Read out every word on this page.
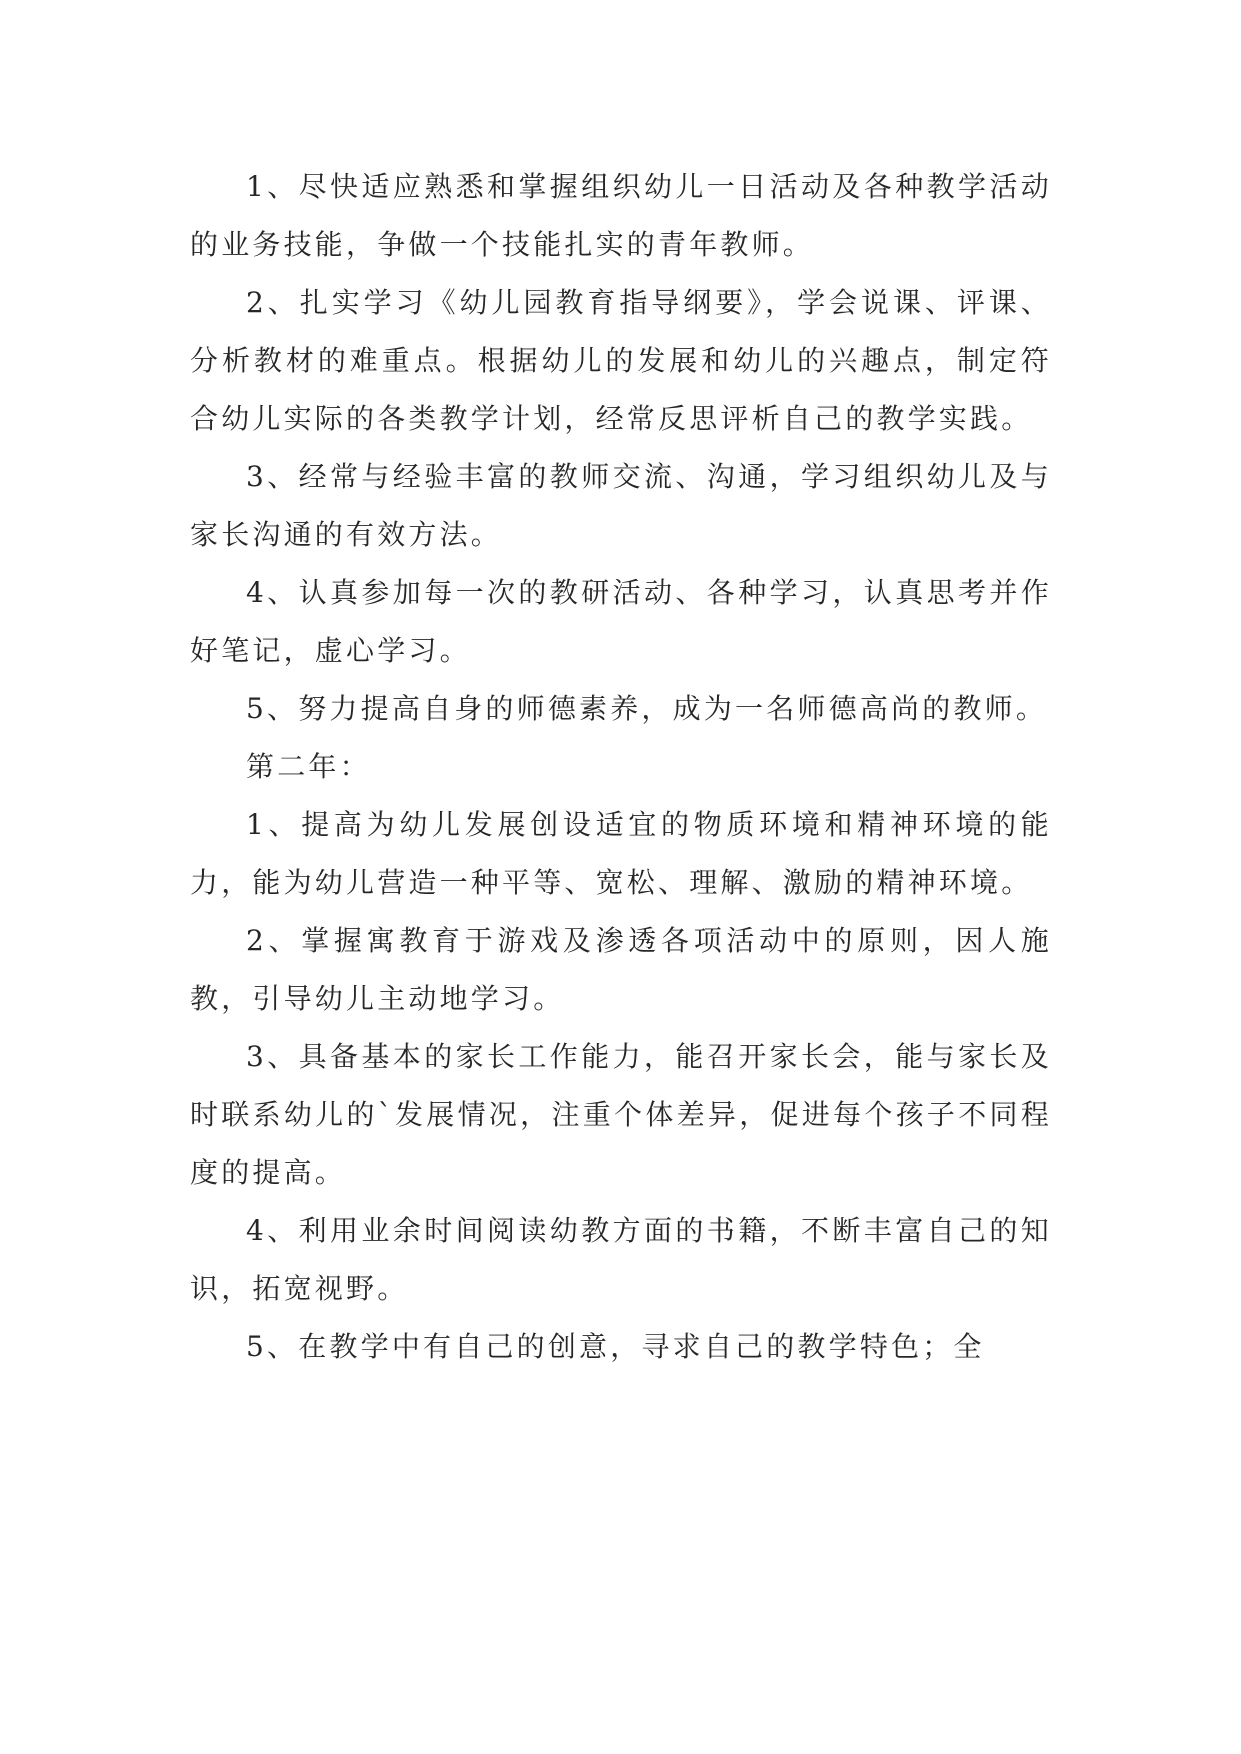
1、尽快适应熟悉和掌握组织幼儿一日活动及各种教学活动的业务技能，争做一个技能扎实的青年教师。

2、扎实学习《幼儿园教育指导纲要》，学会说课、评课、分析教材的难重点。根据幼儿的发展和幼儿的兴趣点，制定符合幼儿实际的各类教学计划，经常反思评析自己的教学实践。

3、经常与经验丰富的教师交流、沟通，学习组织幼儿及与家长沟通的有效方法。

4、认真参加每一次的教研活动、各种学习，认真思考并作好笔记，虚心学习。

5、努力提高自身的师德素养，成为一名师德高尚的教师。

第二年：

1、提高为幼儿发展创设适宜的物质环境和精神环境的能力，能为幼儿营造一种平等、宽松、理解、激励的精神环境。

2、掌握寓教育于游戏及渗透各项活动中的原则，因人施教，引导幼儿主动地学习。

3、具备基本的家长工作能力，能召开家长会，能与家长及时联系幼儿的`发展情况，注重个体差异，促进每个孩子不同程度的提高。

4、利用业余时间阅读幼教方面的书籍，不断丰富自己的知识，拓宽视野。

5、在教学中有自己的创意，寻求自己的教学特色；全
